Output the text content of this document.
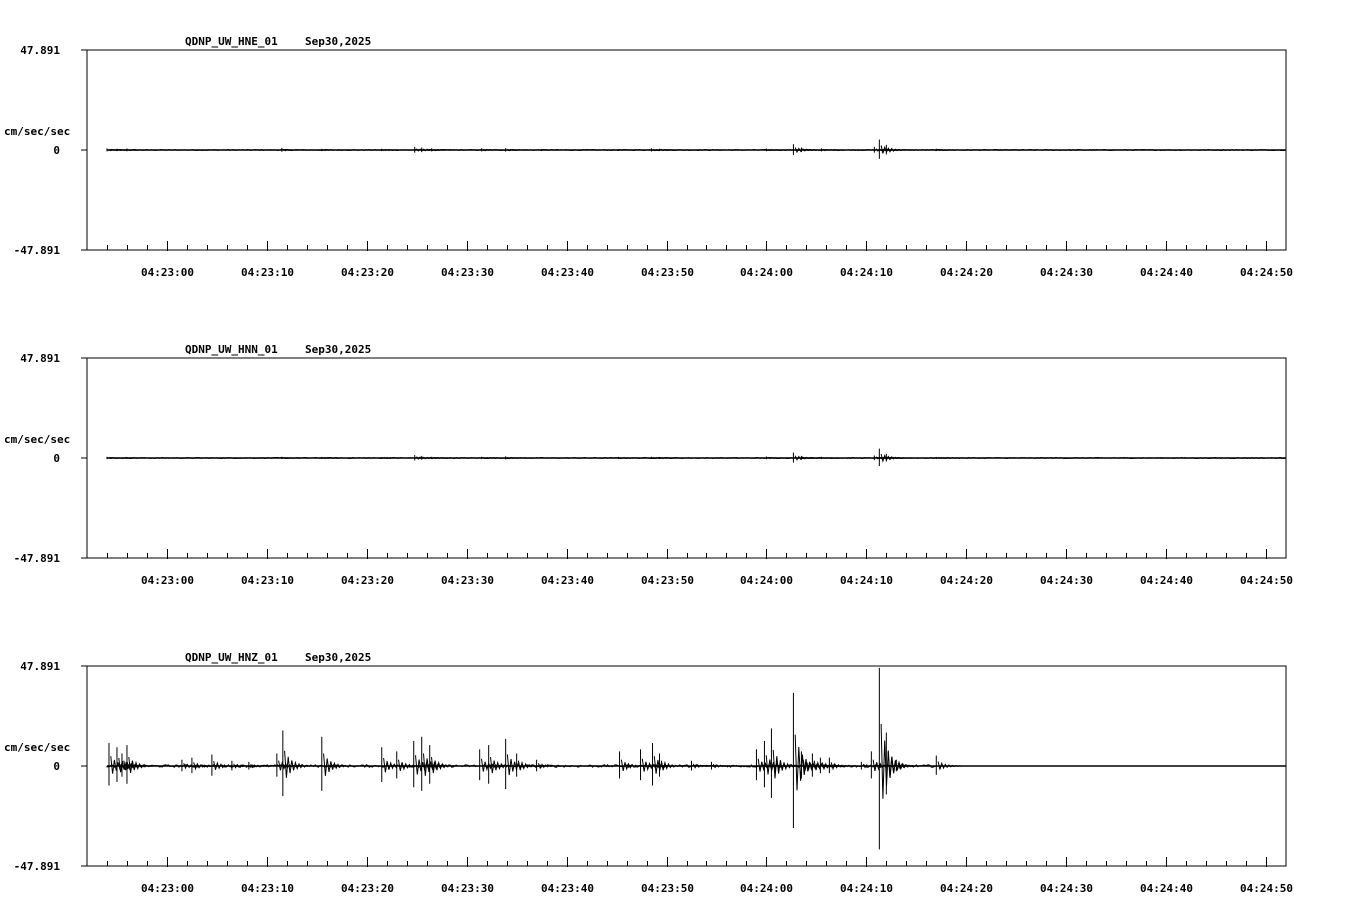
QDNP_UW_HNE_01 Sep30,2025
cm/sec/sec
47.891
0
-47.891
04:23:00	04:23:10	04:23:20	04:23:30	04:23:40	04:23:50	04:24:00	04:24:10	04:24:20	04:24:30	04:24:40	04:24:50
QDNP_UW_HNN_01 Sep30,2025
cm/sec/sec
47.891
0
-47.891
04:23:00	04:23:10	04:23:20	04:23:30	04:23:40	04:23:50	04:24:00	04:24:10	04:24:20	04:24:30	04:24:40	04:24:50
QDNP_UW_HNZ_01 Sep30,2025
cm/sec/sec
47.891
0
-47.891
04:23:00	04:23:10	04:23:20	04:23:30	04:23:40	04:23:50	04:24:00	04:24:10	04:24:20	04:24:30	04:24:40	04:24:50
